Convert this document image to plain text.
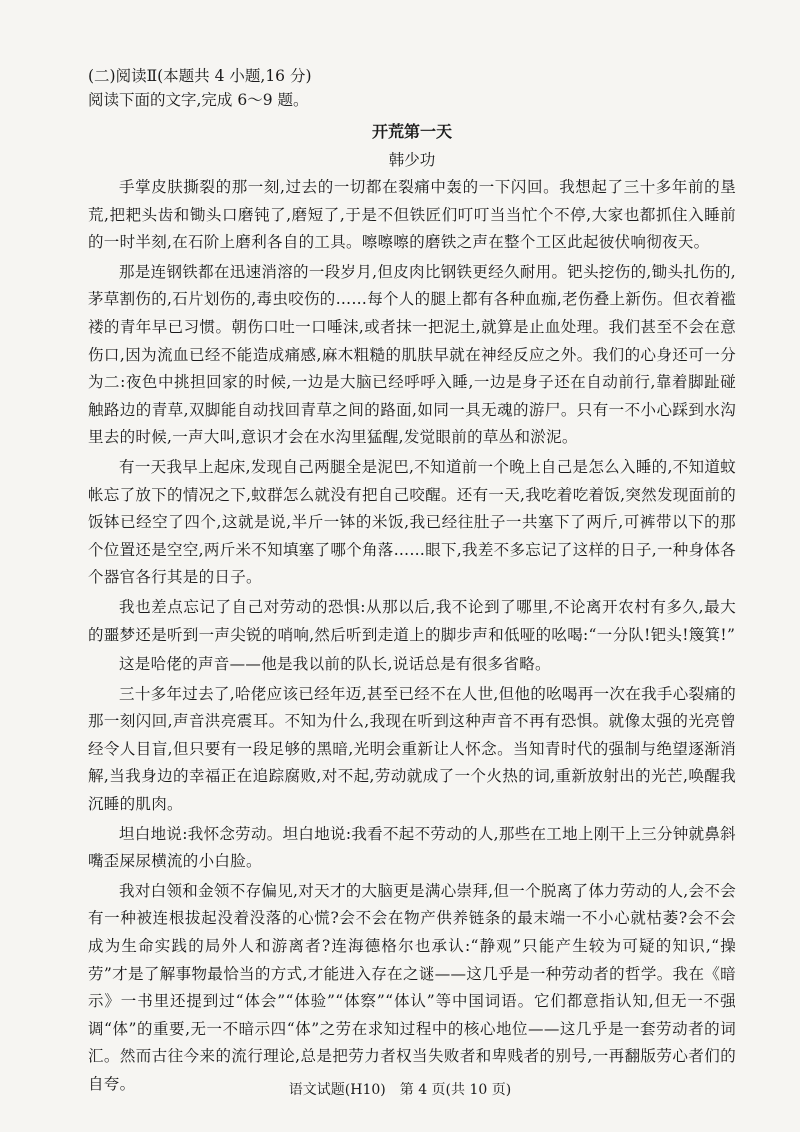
(二)阅读Ⅱ(本题共 4 小题,16 分)

阅读下面的文字,完成 6～9 题。

开荒第一天

韩少功

手掌皮肤撕裂的那一刻,过去的一切都在裂痛中轰的一下闪回。我想起了三十多年前的垦荒,把耙头齿和锄头口磨钝了,磨短了,于是不但铁匠们叮叮当当忙个不停,大家也都抓住入睡前的一时半刻,在石阶上磨利各自的工具。嚓嚓嚓的磨铁之声在整个工区此起彼伏响彻夜天。

那是连钢铁都在迅速消溶的一段岁月,但皮肉比钢铁更经久耐用。钯头挖伤的,锄头扎伤的,茅草割伤的,石片划伤的,毒虫咬伤的……每个人的腿上都有各种血痂,老伤叠上新伤。但衣着褴褛的青年早已习惯。朝伤口吐一口唾沫,或者抹一把泥土,就算是止血处理。我们甚至不会在意伤口,因为流血已经不能造成痛感,麻木粗糙的肌肤早就在神经反应之外。我们的心身还可一分为二:夜色中挑担回家的时候,一边是大脑已经呼呼入睡,一边是身子还在自动前行,靠着脚趾碰触路边的青草,双脚能自动找回青草之间的路面,如同一具无魂的游尸。只有一不小心踩到水沟里去的时候,一声大叫,意识才会在水沟里猛醒,发觉眼前的草丛和淤泥。

有一天我早上起床,发现自己两腿全是泥巴,不知道前一个晚上自己是怎么入睡的,不知道蚊帐忘了放下的情况之下,蚊群怎么就没有把自己咬醒。还有一天,我吃着吃着饭,突然发现面前的饭钵已经空了四个,这就是说,半斤一钵的米饭,我已经往肚子一共塞下了两斤,可裤带以下的那个位置还是空空,两斤米不知填塞了哪个角落……眼下,我差不多忘记了这样的日子,一种身体各个器官各行其是的日子。

我也差点忘记了自己对劳动的恐惧:从那以后,我不论到了哪里,不论离开农村有多久,最大的噩梦还是听到一声尖锐的哨响,然后听到走道上的脚步声和低哑的吆喝:“一分队!钯头!篾箕!”

这是哈佬的声音——他是我以前的队长,说话总是有很多省略。

三十多年过去了,哈佬应该已经年迈,甚至已经不在人世,但他的吆喝再一次在我手心裂痛的那一刻闪回,声音洪亮震耳。不知为什么,我现在听到这种声音不再有恐惧。就像太强的光亮曾经令人目盲,但只要有一段足够的黑暗,光明会重新让人怀念。当知青时代的强制与绝望逐渐消解,当我身边的幸福正在追踪腐败,对不起,劳动就成了一个火热的词,重新放射出的光芒,唤醒我沉睡的肌肉。

坦白地说:我怀念劳动。坦白地说:我看不起不劳动的人,那些在工地上刚干上三分钟就鼻斜嘴歪屎尿横流的小白脸。

我对白领和金领不存偏见,对天才的大脑更是满心崇拜,但一个脱离了体力劳动的人,会不会有一种被连根拔起没着没落的心慌?会不会在物产供养链条的最末端一不小心就枯萎?会不会成为生命实践的局外人和游离者?连海德格尔也承认:“静观”只能产生较为可疑的知识,“操劳”才是了解事物最恰当的方式,才能进入存在之谜——这几乎是一种劳动者的哲学。我在《暗示》一书里还提到过“体会”“体验”“体察”“体认”等中国词语。它们都意指认知,但无一不强调“体”的重要,无一不暗示四“体”之劳在求知过程中的核心地位——这几乎是一套劳动者的词汇。然而古往今来的流行理论,总是把劳力者权当失败者和卑贱者的别号,一再翻版劳心者们的自夸。	语文试题(H10)　第 4 页(共 10 页)
